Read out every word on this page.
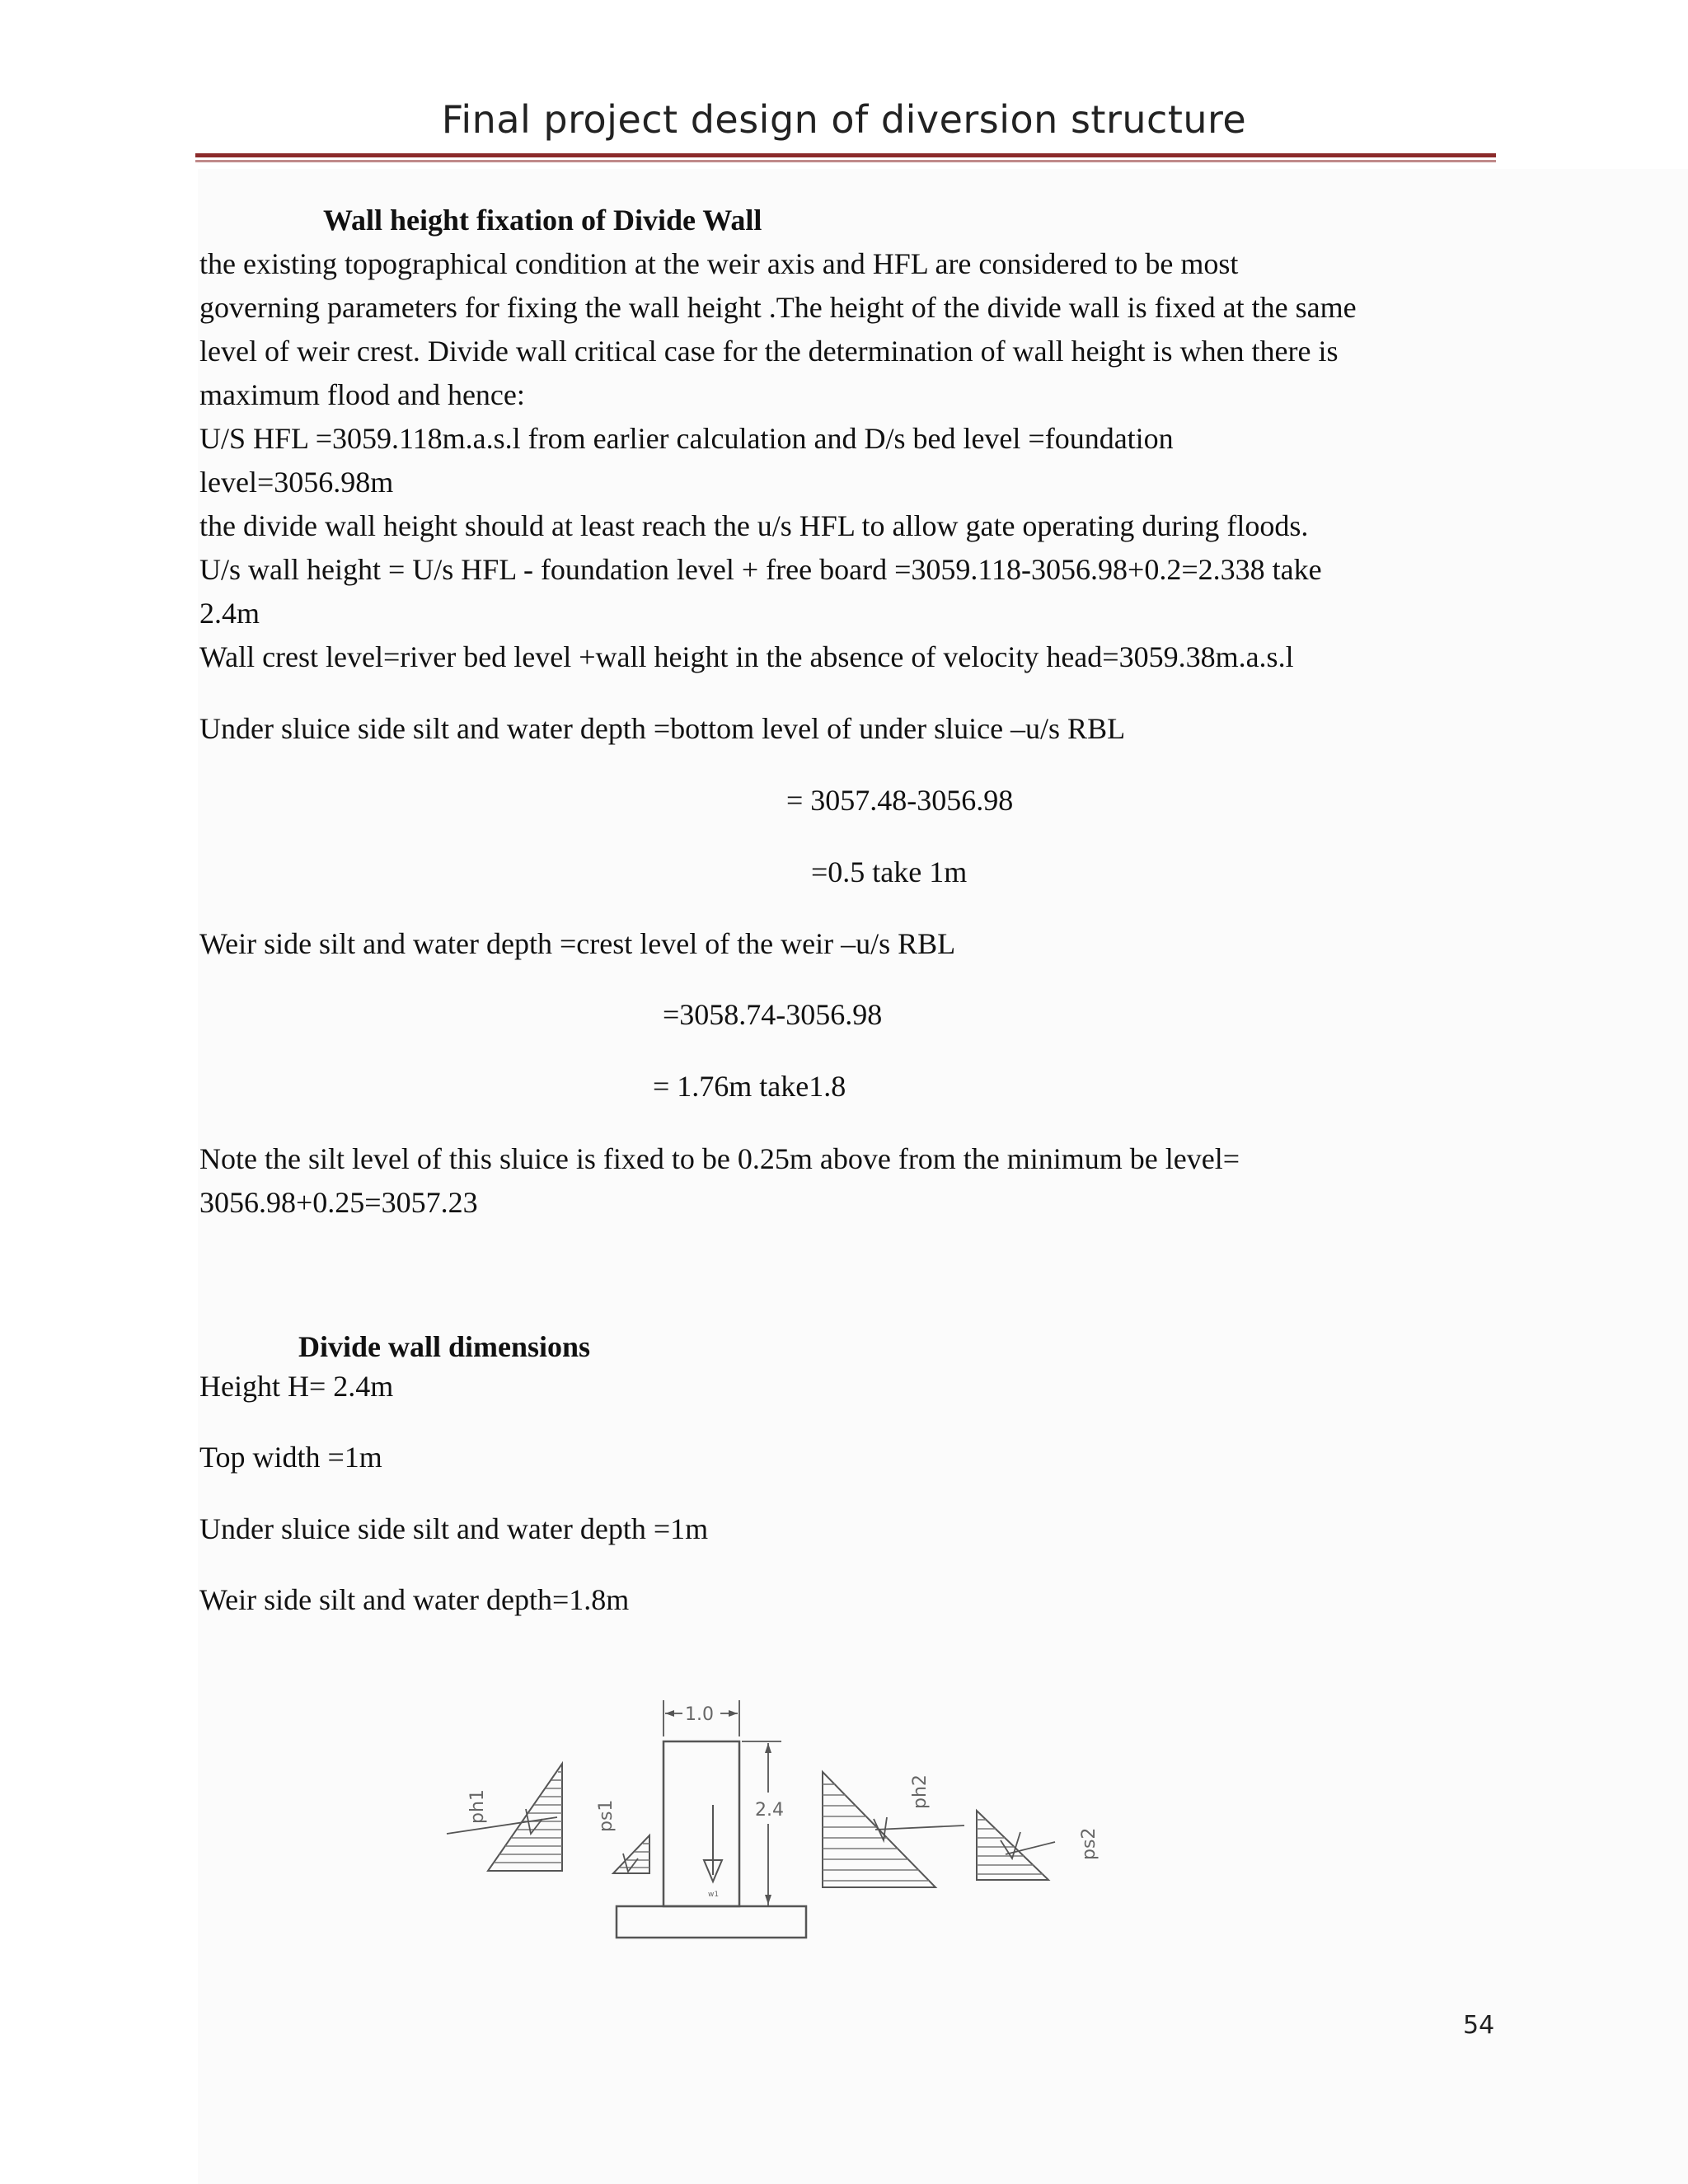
Final project design of diversion structure
Wall height fixation of Divide Wall
the existing topographical condition at the weir axis and HFL are considered to be most
governing parameters for fixing the wall height .The height of the divide wall is fixed at the same
level of weir crest. Divide wall critical case for the determination of wall height is when there is
maximum flood and hence:
U/S HFL =3059.118m.a.s.l from earlier calculation and D/s bed level =foundation
level=3056.98m
the divide wall height should at least reach the u/s HFL to allow gate operating during floods.
U/s wall height = U/s HFL - foundation level + free board =3059.118-3056.98+0.2=2.338 take
2.4m
Wall crest level=river bed level +wall height in the absence of velocity head=3059.38m.a.s.l
Under sluice side silt and water depth =bottom level of under sluice –u/s RBL
= 3057.48-3056.98
=0.5 take 1m
Weir side silt and water depth =crest level of the weir –u/s RBL
=3058.74-3056.98
= 1.76m take1.8
Note the silt level of this sluice is fixed to be 0.25m above from the minimum be level=
3056.98+0.25=3057.23
Divide wall dimensions
Height H= 2.4m
Top width =1m
Under sluice side silt and water depth =1m
Weir side silt and water depth=1.8m
1.0
2.4
w1
ph1	ps1
ph2
ps2
54
